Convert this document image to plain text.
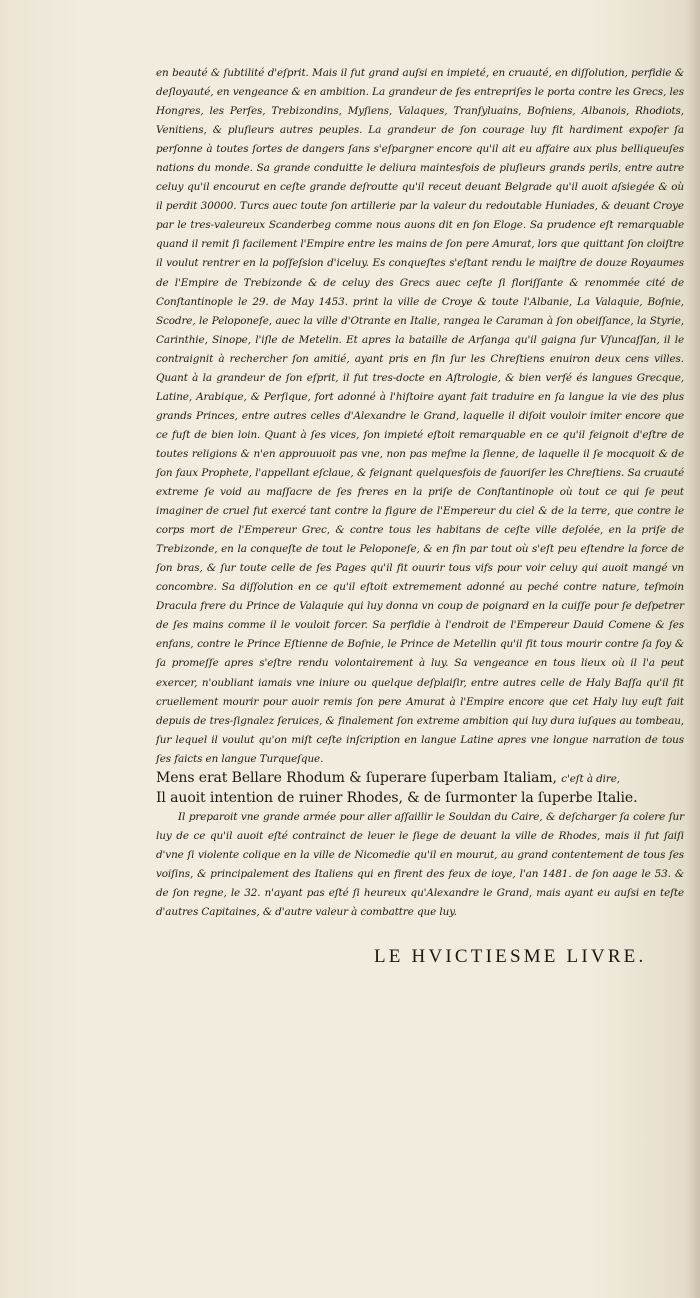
en beauté & ſubtilité d'eſprit. Mais il fut grand auſsi en impieté, en cruauté, en diſſolution, perfidie & deſloyauté, en vengeance & en ambition. La grandeur de ſes entrepriſes le porta contre les Grecs, les Hongres, les Perſes, Trebizondins, Myſiens, Valaques, Tranſyluains, Boſniens, Albanois, Rhodiots, Venitiens, & pluſieurs autres peuples. La grandeur de ſon courage luy fit hardiment expoſer ſa perſonne à toutes ſortes de dangers ſans s'eſpargner encore qu'il ait eu affaire aux plus belliqueuſes nations du monde. Sa grande conduitte le deliura maintesfois de pluſieurs grands perils, entre autre celuy qu'il encourut en ceſte grande deſroutte qu'il receut deuant Belgrade qu'il auoit aſsiegée & où il perdit 30000. Turcs auec toute ſon artillerie par la valeur du redoutable Huniades, & deuant Croye par le tres-valeureux Scanderbeg comme nous auons dit en ſon Eloge. Sa prudence eſt remarquable quand il remit ſi facilement l'Empire entre les mains de ſon pere Amurat, lors que quittant ſon cloiſtre il voulut rentrer en la poſſeſsion d'iceluy. Es conqueſtes s'eſtant rendu le maiſtre de douze Royaumes de l'Empire de Trebizonde & de celuy des Grecs auec ceſte ſi floriſſante & renommée cité de Conſtantinople le 29. de May 1453. print la ville de Croye & toute l'Albanie, La Valaquie, Boſnie, Scodre, le Peloponeſe, auec la ville d'Otrante en Italie, rangea le Caraman à ſon obeiſſance, la Styrie, Carinthie, Sinope, l'iſle de Metelin. Et apres la bataille de Arſanga qu'il gaigna ſur Vſuncaſſan, il le contraignit à rechercher ſon amitié, ayant pris en fin ſur les Chreſtiens enuiron deux cens villes. Quant à la grandeur de ſon eſprit, il fut tres-docte en Aſtrologie, & bien verſé és langues Grecque, Latine, Arabique, & Perſique, fort adonné à l'hiſtoire ayant fait traduire en ſa langue la vie des plus grands Princes, entre autres celles d'Alexandre le Grand, laquelle il diſoit vouloir imiter encore que ce fuſt de bien loin. Quant à ſes vices, ſon impieté eſtoit remarquable en ce qu'il feignoit d'eſtre de toutes religions & n'en approuuoit pas vne, non pas meſme la ſienne, de laquelle il ſe mocquoit & de ſon faux Prophete, l'appellant eſclaue, & feignant quelquesfois de fauoriſer les Chreſtiens. Sa cruauté extreme ſe void au maſſacre de ſes freres en la priſe de Conſtantinople où tout ce qui ſe peut imaginer de cruel fut exercé tant contre la figure de l'Empereur du ciel & de la terre, que contre le corps mort de l'Empereur Grec, & contre tous les habitans de ceſte ville deſolée, en la priſe de Trebizonde, en la conqueſte de tout le Peloponeſe, & en fin par tout où s'eſt peu eſtendre la force de ſon bras, & ſur toute celle de ſes Pages qu'il fit ouurir tous vifs pour voir celuy qui auoit mangé vn concombre. Sa diſſolution en ce qu'il eſtoit extremement adonné au peché contre nature, teſmoin Dracula frere du Prince de Valaquie qui luy donna vn coup de poignard en la cuiſſe pour ſe deſpetrer de ſes mains comme il le vouloit forcer. Sa perfidie à l'endroit de l'Empereur Dauid Comene & ſes enfans, contre le Prince Eſtienne de Boſnie, le Prince de Metellin qu'il fit tous mourir contre ſa foy & ſa promeſſe apres s'eſtre rendu volontairement à luy. Sa vengeance en tous lieux où il l'a peut exercer, n'oubliant iamais vne iniure ou quelque deſplaiſir, entre autres celle de Haly Baſſa qu'il fit cruellement mourir pour auoir remis ſon pere Amurat à l'Empire encore que cet Haly luy euſt fait depuis de tres-ſignalez ſeruices, & finalement ſon extreme ambition qui luy dura iuſques au tombeau, ſur lequel il voulut qu'on miſt ceſte inſcription en langue Latine apres vne longue narration de tous ſes faicts en langue Turqueſque.

Mens erat Bellare Rhodum & ſuperare ſuperbam Italiam, c'eſt à dire,

Il auoit intention de ruiner Rhodes, & de ſurmonter la ſuperbe Italie.

Il preparoit vne grande armée pour aller aſſaillir le Souldan du Caire, & deſcharger ſa colere ſur luy de ce qu'il auoit eſté contrainct de leuer le ſiege de deuant la ville de Rhodes, mais il fut ſaiſi d'vne ſi violente colique en la ville de Nicomedie qu'il en mourut, au grand contentement de tous ſes voiſins, & principalement des Italiens qui en firent des feux de ioye, l'an 1481. de ſon aage le 53. & de ſon regne, le 32. n'ayant pas eſté ſi heureux qu'Alexandre le Grand, mais ayant eu auſsi en teſte d'autres Capitaines, & d'autre valeur à combattre que luy.

LE HVICTIESME LIVRE.
